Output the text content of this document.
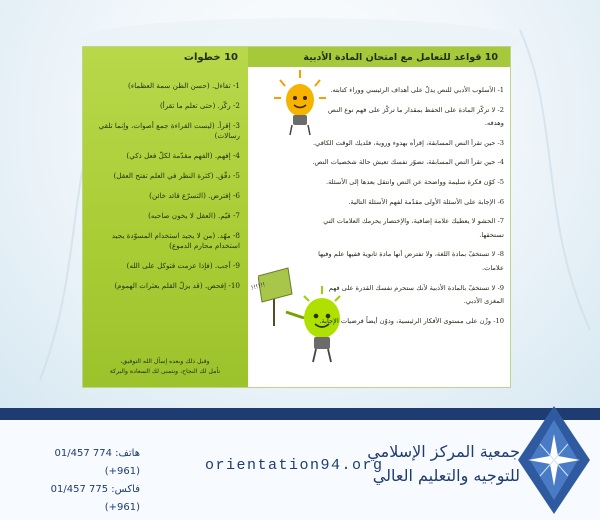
10 خطوات
1- تفاءل. (حسن الظن سمة العظماء)
2- ركّز. (حتى تعلم ما تقرأ)
3- إقرأ. (ليست القراءة جمع أصوات، وإنما تلقي رسالات)
4- إفهم. (الفهم مقدّمة لكلّ فعل ذكي)
5- دقّق. (كثرة النظر في العلم تفتح العقل)
6- إفترض. (التسرّع قائد خائن)
7- قيّم. (العقل لا يخون صاحبه)
8- مهّد. (من لا يجيد استخدام المسوّدة يجيد استخدام محارم الدموع)
9- أجب. (فإذا عزمت فتوكل على الله)
10- إفحص. (قد يزلّ القلم بعثرات الهموم)
وقبل ذلك وبعده إسأل الله التوفيق،
نأمل لك النجاح، ونتمنى لك السعادة والبركة
10 قواعد للتعامل مع امتحان المادة الأدبية
!!!!!!

1- الأسلوب الأدبي للنص يدلّ على أهداف الرئيسي ووراء كتابته.

2- لا تركّز المادة على الحفظ بمقدار ما تركّز على فهم نوع النص وهدفه.

3- حين تقرأ النص المسابقة، إقرأه بهدوء وروية، فلديك الوقت الكافي.

4- حين تقرأ النص المسابقة، تصوّر نفسك تعيش حالة شخصيات النص.

5- كوّن فكرة سليمة وواضحة عن النص وانتقل بعدها إلى الأسئلة.

6- الإجابة على الأسئلة الأولى مقدّمة لفهم الأسئلة التالية.

7- الحشو لا يعطيك علامة إضافية، والإختصار يحرمك العلامات التي تستحقها.

8- لا تستخفّ بمادة اللغة، ولا تفترض أنها مادة ثانوية ففيها علم وفيها علامات.

9- لا تستخفّ بالمادة الأدبية لأنك ستحرم نفسك القدرة على فهم المغزى الأدبي.

10- وزّن على مستوى الأفكار الرئيسية، ودوّن أيضاً فرضيات الإجابة.

هاتف: 774 01/457 (961+)
فاكس: 775 01/457 (961+)
orientation94.org
جمعية المركز الإسلامي
للتوجيه والتعليم العالي
